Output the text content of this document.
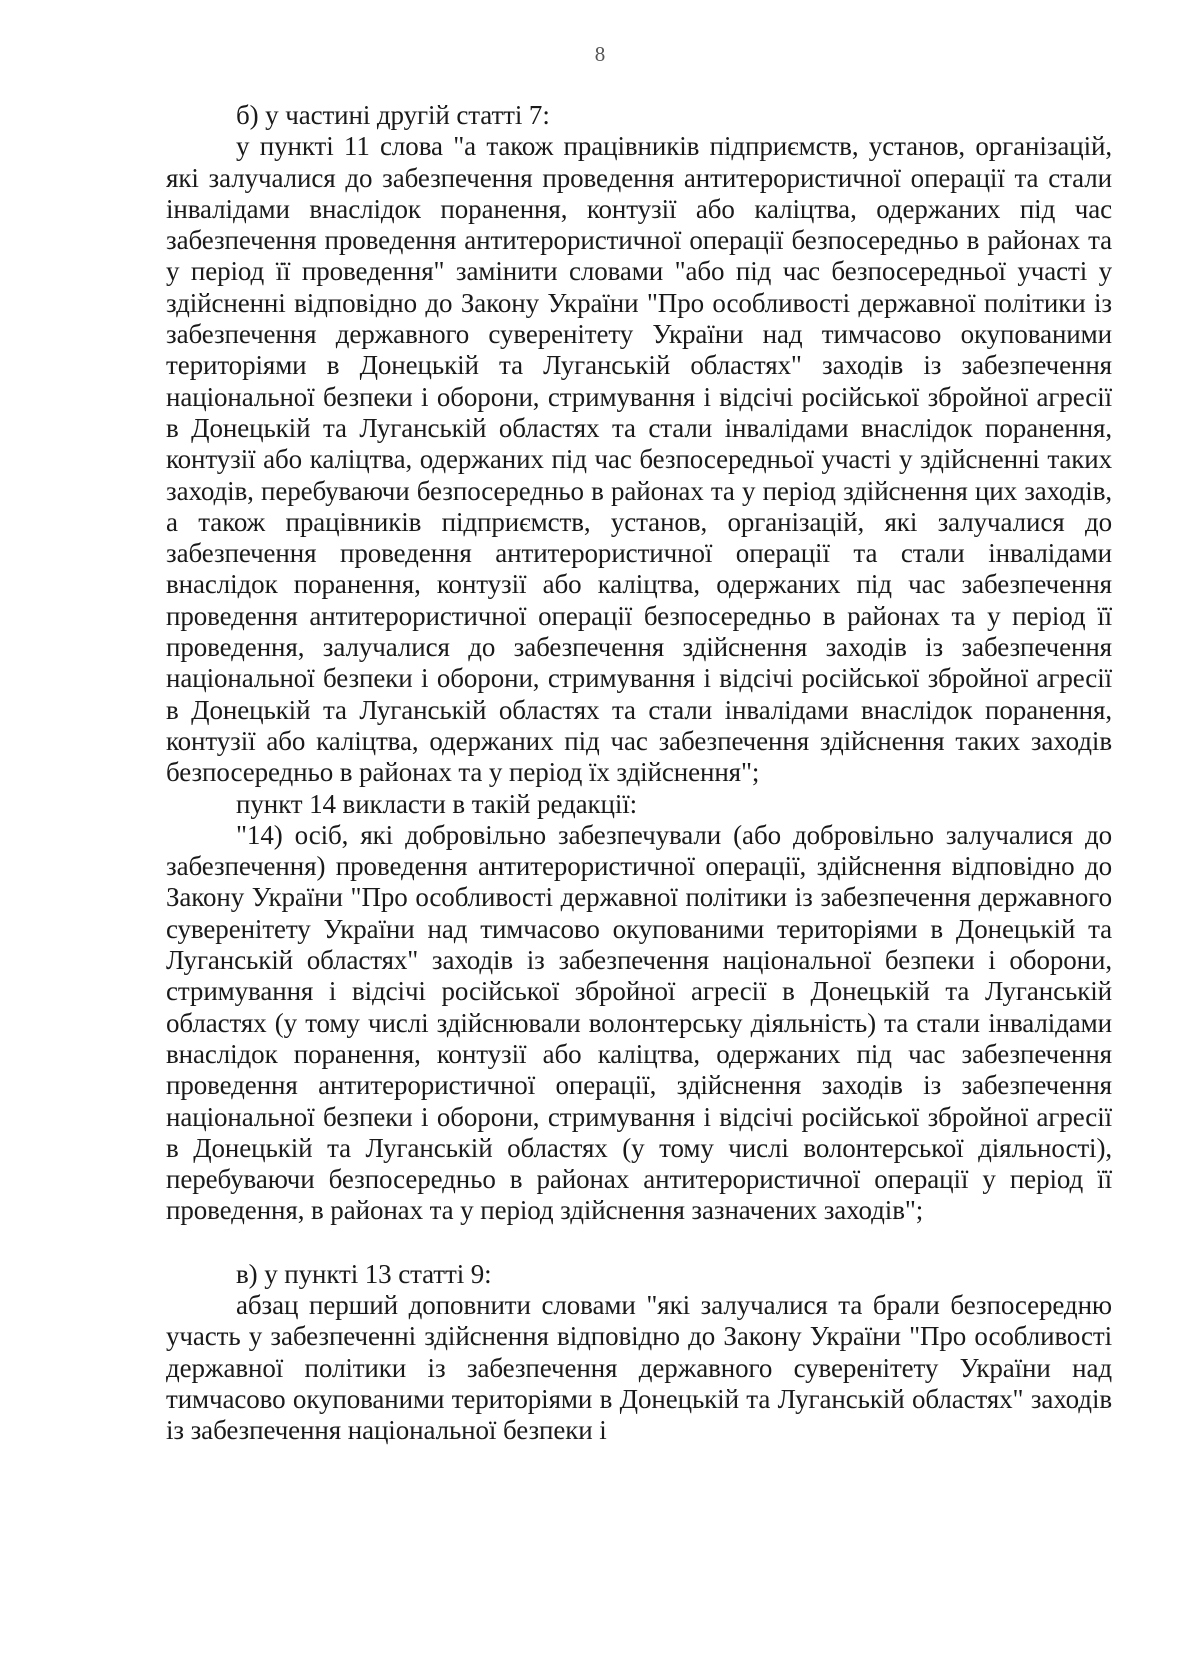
8

б) у частині другій статті 7:

у пункті 11 слова "а також працівників підприємств, установ, організацій, які залучалися до забезпечення проведення антитерористичної операції та стали інвалідами внаслідок поранення, контузії або каліцтва, одержаних під час забезпечення проведення антитерористичної операції безпосередньо в районах та у період її проведення" замінити словами "або під час безпосередньої участі у здійсненні відповідно до Закону України "Про особливості державної політики із забезпечення державного суверенітету України над тимчасово окупованими територіями в Донецькій та Луганській областях" заходів із забезпечення національної безпеки і оборони, стримування і відсічі російської збройної агресії в Донецькій та Луганській областях та стали інвалідами внаслідок поранення, контузії або каліцтва, одержаних під час безпосередньої участі у здійсненні таких заходів, перебуваючи безпосередньо в районах та у період здійснення цих заходів, а також працівників підприємств, установ, організацій, які залучалися до забезпечення проведення антитерористичної операції та стали інвалідами внаслідок поранення, контузії або каліцтва, одержаних під час забезпечення проведення антитерористичної операції безпосередньо в районах та у період її проведення, залучалися до забезпечення здійснення заходів із забезпечення національної безпеки і оборони, стримування і відсічі російської збройної агресії в Донецькій та Луганській областях та стали інвалідами внаслідок поранення, контузії або каліцтва, одержаних під час забезпечення здійснення таких заходів безпосередньо в районах та у період їх здійснення";

пункт 14 викласти в такій редакції:

"14) осіб, які добровільно забезпечували (або добровільно залучалися до забезпечення) проведення антитерористичної операції, здійснення відповідно до Закону України "Про особливості державної політики із забезпечення державного суверенітету України над тимчасово окупованими територіями в Донецькій та Луганській областях" заходів із забезпечення національної безпеки і оборони, стримування і відсічі російської збройної агресії в Донецькій та Луганській областях (у тому числі здійснювали волонтерську діяльність) та стали інвалідами внаслідок поранення, контузії або каліцтва, одержаних під час забезпечення проведення антитерористичної операції, здійснення заходів із забезпечення національної безпеки і оборони, стримування і відсічі російської збройної агресії в Донецькій та Луганській областях (у тому числі волонтерської діяльності), перебуваючи безпосередньо в районах антитерористичної операції у період її проведення, в районах та у період здійснення зазначених заходів";

в) у пункті 13 статті 9:

абзац перший доповнити словами "які залучалися та брали безпосередню участь у забезпеченні здійснення відповідно до Закону України "Про особливості державної політики із забезпечення державного суверенітету України над тимчасово окупованими територіями в Донецькій та Луганській областях" заходів із забезпечення національної безпеки і
